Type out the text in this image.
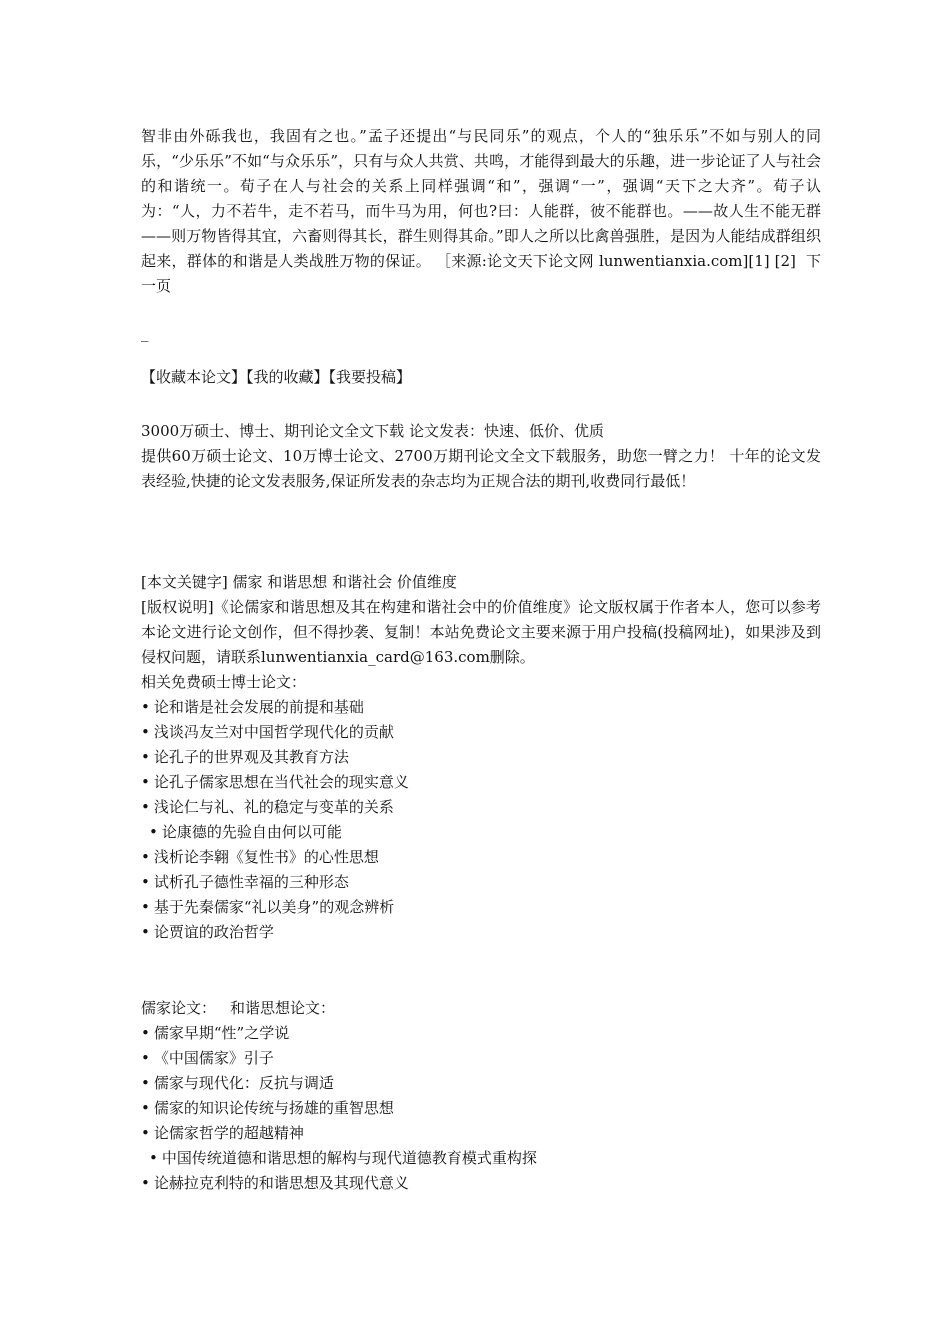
智非由外砾我也，我固有之也。”孟子还提出“与民同乐”的观点，个人的“独乐乐”不如与别人的同乐，“少乐乐”不如“与众乐乐”，只有与众人共赏、共鸣，才能得到最大的乐趣，进一步论证了人与社会的和谐统一。荀子在人与社会的关系上同样强调“和”，强调“一”，强调“天下之大齐”。荀子认为：“人，力不若牛，走不若马，而牛马为用，何也?曰：人能群，彼不能群也。——故人生不能无群——则万物皆得其宜，六畜则得其长，群生则得其命。”即人之所以比禽兽强胜，是因为人能结成群组织起来，群体的和谐是人类战胜万物的保证。 ［来源:论文天下论文网 lunwentianxia.com][1] [2] 下一页

_
【收藏本论文】【我的收藏】【我要投稿】
3000万硕士、博士、期刊论文全文下载 论文发表：快速、低价、优质
提供60万硕士论文、10万博士论文、2700万期刊论文全文下载服务，助您一臂之力！ 十年的论文发表经验,快捷的论文发表服务,保证所发表的杂志均为正规合法的期刊,收费同行最低！
[本文关键字] 儒家 和谐思想 和谐社会 价值维度
[版权说明]《论儒家和谐思想及其在构建和谐社会中的价值维度》论文版权属于作者本人，您可以参考本论文进行论文创作，但不得抄袭、复制！本站免费论文主要来源于用户投稿(投稿网址)，如果涉及到侵权问题，请联系lunwentianxia_card@163.com删除。
相关免费硕士博士论文：
• 论和谐是社会发展的前提和基础
• 浅谈冯友兰对中国哲学现代化的贡献
• 论孔子的世界观及其教育方法
• 论孔子儒家思想在当代社会的现实意义
• 浅论仁与礼、礼的稳定与变革的关系
• 论康德的先验自由何以可能
• 浅析论李翱《复性书》的心性思想
• 试析孔子德性幸福的三种形态
• 基于先秦儒家“礼以美身”的观念辨析
• 论贾谊的政治哲学
儒家论文： 和谐思想论文：
• 儒家早期“性”之学说
• 《中国儒家》引子
• 儒家与现代化：反抗与调适
• 儒家的知识论传统与扬雄的重智思想
• 论儒家哲学的超越精神
• 中国传统道德和谐思想的解构与现代道德教育模式重构探
• 论赫拉克利特的和谐思想及其现代意义
